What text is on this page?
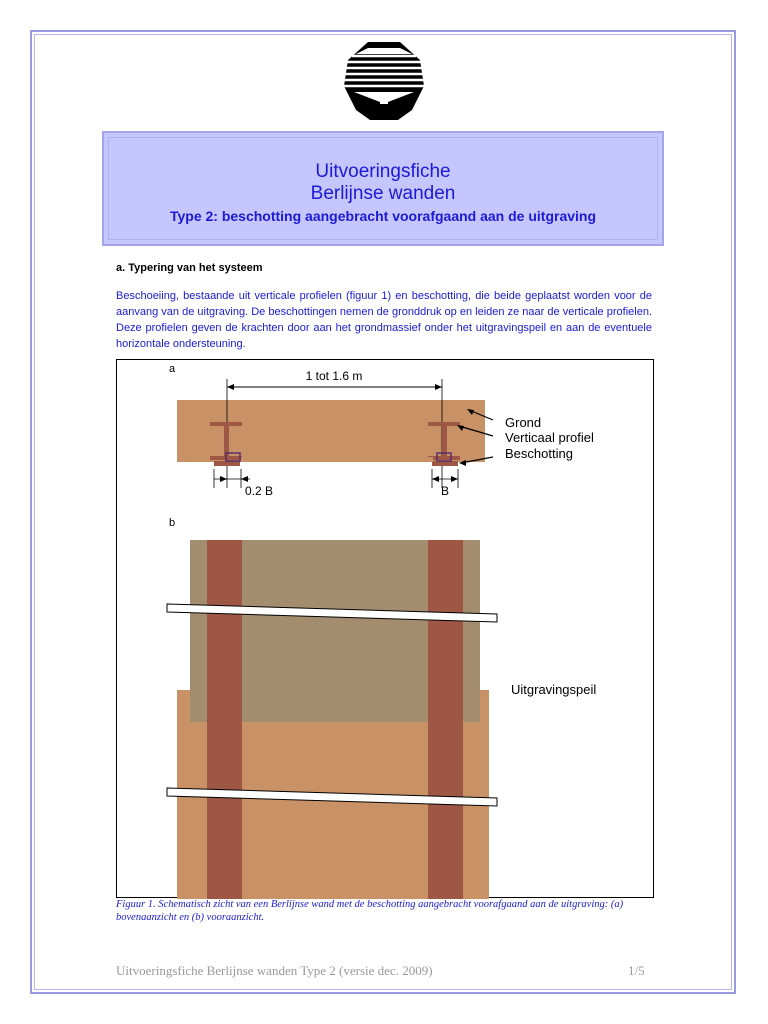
Uitvoeringsfiche
Berlijnse wanden
Type 2: beschotting aangebracht voorafgaand aan de uitgraving
a. Typering van het systeem
Beschoeiing, bestaande uit verticale profielen (figuur 1) en beschotting, die beide geplaatst worden voor de aanvang van de uitgraving. De beschottingen nemen de gronddruk op en leiden ze naar de verticale profielen. Deze profielen geven de krachten door aan het grondmassief onder het uitgravingspeil en aan de eventuele horizontale ondersteuning.
a	1 tot 1.6 m
Grond
Verticaal profiel
Beschotting
0.2 B	B
b
Uitgravingspeil
Figuur 1. Schematisch zicht van een Berlijnse wand met de beschotting aangebracht voorafgaand aan de uitgraving: (a) bovenaanzicht en (b) vooraanzicht.
Uitvoeringsfiche Berlijnse wanden Type 2 (versie dec. 2009)	1/5
